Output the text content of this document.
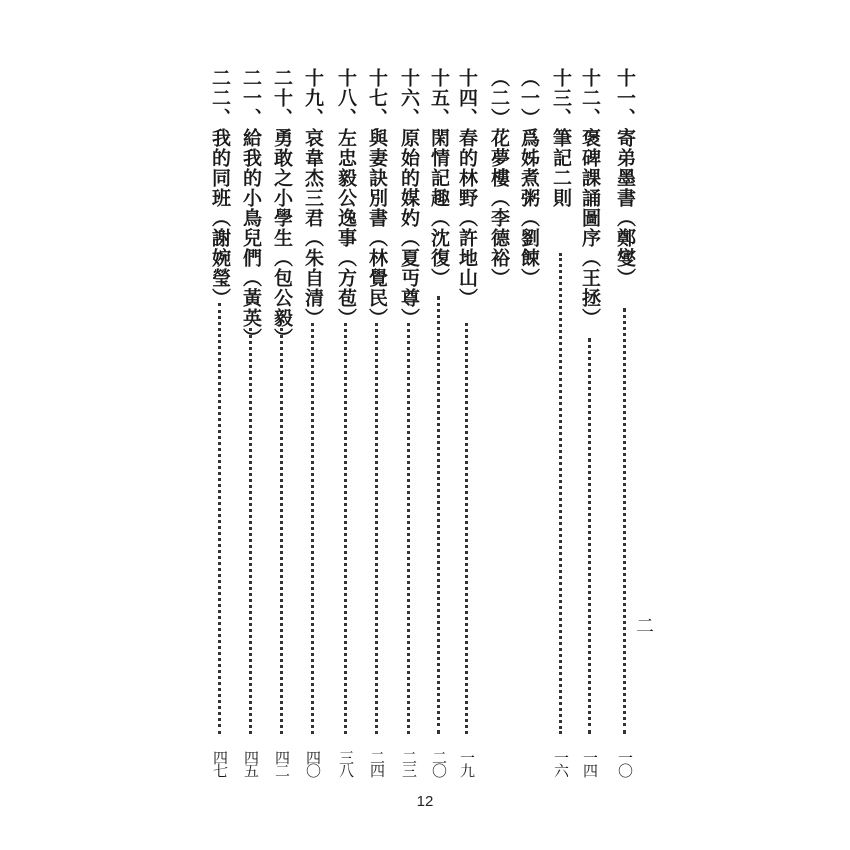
十一、寄弟墨書（鄭燮）
一〇
十二、褒碑課誦圖序（王拯）
一四
十三、筆記二則
一六
（一）爲姊煮粥（劉餗）
（二）花夢樓（李德裕）
十四、春的林野（許地山）
一九
十五、閑情記趣（沈復）
二〇
十六、原始的媒妁（夏丏尊）
二三
十七、與妻訣別書（林覺民）
二四
十八、左忠毅公逸事（方苞）
三八
十九、哀韋杰三君（朱自清）
四〇
二十、勇敢之小學生（包公毅）
四二
二一、給我的小鳥兒們（黃英）
四五
二二、我的同班（謝婉瑩）
四七
二
12
